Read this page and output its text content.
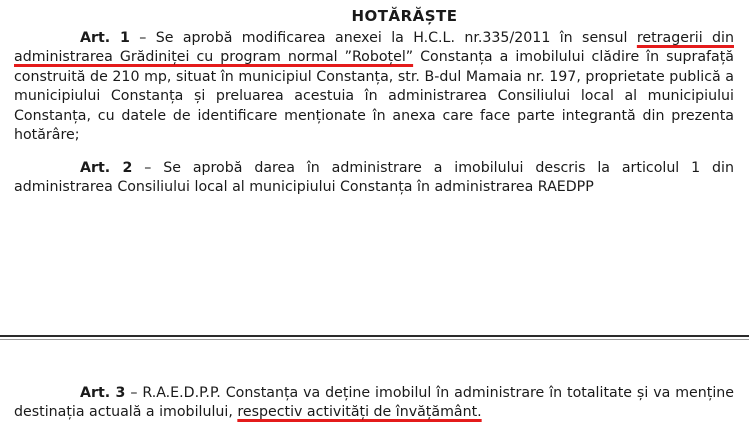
HOTĂRĂȘTE

Art. 1 – Se aprobă modificarea anexei la H.C.L. nr.335/2011 în sensul retragerii din administrarea Grădiniței cu program normal ”Roboțel” Constanța a imobilului clădire în suprafață construită de 210 mp, situat în municipiul Constanța, str. B-dul Mamaia nr. 197, proprietate publică a municipiului Constanța și preluarea acestuia în administrarea Consiliului local al municipiului Constanța, cu datele de identificare menționate în anexa care face parte integrantă din prezenta hotărâre;

Art. 2 – Se aprobă darea în administrare a imobilului descris la articolul 1 din administrarea Consiliului local al municipiului Constanța în administrarea RAEDPP

Art. 3 – R.A.E.D.P.P. Constanța va deține imobilul în administrare în totalitate și va menține destinația actuală a imobilului, respectiv activități de învățământ.
